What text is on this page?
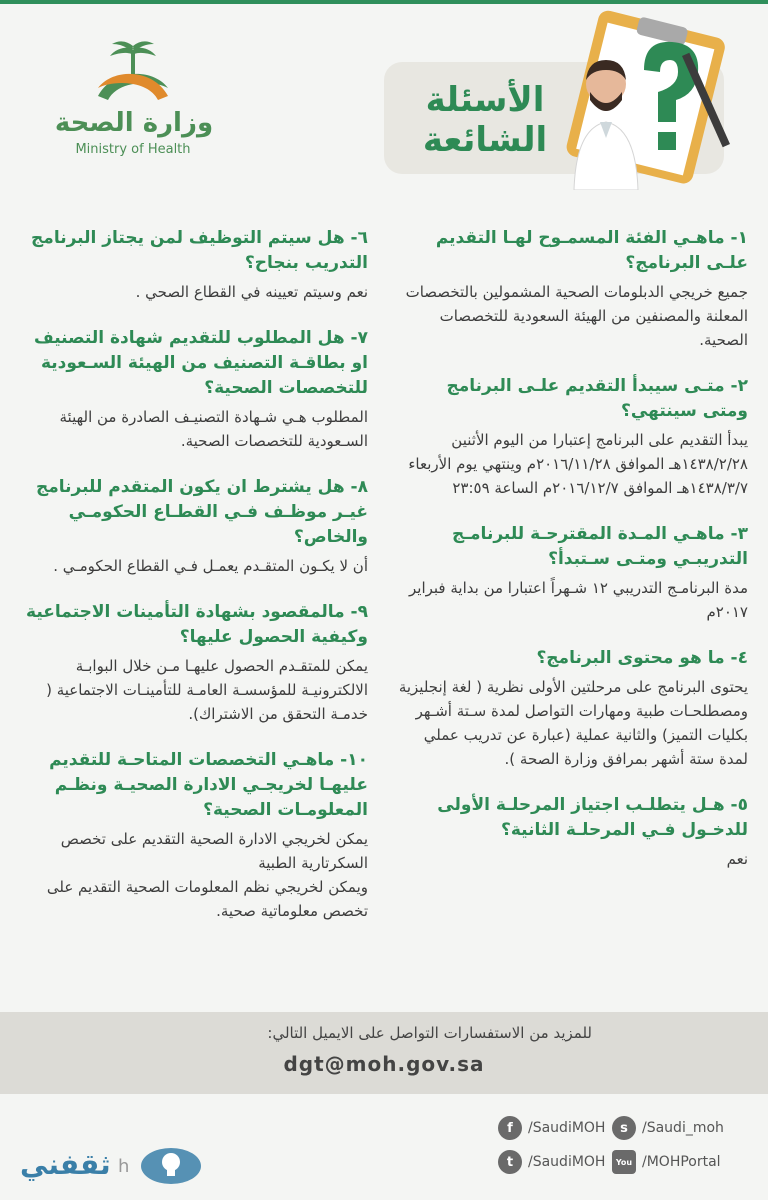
وزارة الصحة
Ministry of Health
الأسئلة
الشائعة

١- ماهـي الفئة المسمـوح لهـا التقديم علـى البرنامج؟

جميع خريجي الدبلومات الصحية المشمولين بالتخصصات المعلنة والمصنفين من الهيئة السعودية للتخصصات الصحية.

٢- متـى سيبدأ التقديم علـى البرنامج ومتى سينتهي؟

يبدأ التقديم على البرنامج إعتبارا من اليوم الأثنين ١٤٣٨/٢/٢٨هـ الموافق ٢٠١٦/١١/٢٨م وينتهي يوم الأربعاء ١٤٣٨/٣/٧هـ الموافق ٢٠١٦/١٢/٧م الساعة ٢٣:٥٩

٣- ماهـي المـدة المقترحـة للبرنامـج التدريبـي ومتـى سـتبدأ؟

مدة البرنامـج التدريبي ١٢ شـهراً اعتبارا من بداية فبراير ٢٠١٧م

٤- ما هو محتوى البرنامج؟

يحتوى البرنامج على مرحلتين الأولى نظرية ( لغة إنجليزية ومصطلحـات طبية ومهارات التواصل لمدة سـتة أشـهر بكليات التميز) والثانية عملية (عبارة عن تدريب عملي لمدة ستة أشهر بمرافق وزارة الصحة ).

٥- هـل يتطلـب اجتياز المرحلـة الأولى للدخـول فـي المرحلـة الثانية؟

نعم

٦- هل سيتم التوظيف لمن يجتاز البرنامج التدريب بنجاح؟

نعم وسيتم تعيينه في القطاع الصحي .

٧- هل المطلوب للتقديم شهادة التصنيف او بطاقـة التصنيف من الهيئة السـعودية للتخصصات الصحية؟

المطلوب هـي شـهادة التصنيـف الصادرة من الهيئة السـعودية للتخصصات الصحية.

٨- هل يشترط ان يكون المتقدم للبرنامج غيـر موظـف فـي القطـاع الحكومـي والخاص؟

أن لا يكـون المتقـدم يعمـل فـي القطاع الحكومـي .

٩- مالمقصود بشهادة التأمينات الاجتماعية وكيفية الحصول عليها؟

يمكن للمتقـدم الحصول عليهـا مـن خلال البوابـة الالكترونيـة للمؤسسـة العامـة للتأمينـات الاجتماعية ( خدمـة التحقق من الاشتراك).

١٠- ماهـي التخصصات المتاحـة للتقديم عليهـا لخريجـي الادارة الصحيـة ونظـم المعلومـات الصحية؟

يمكن لخريجي الادارة الصحية التقديم على تخصص السكرتارية الطبية

ويمكن لخريجي نظم المعلومات الصحية التقديم على تخصص معلوماتية صحية.

للمزيد من الاستفسارات التواصل على الايميل التالي:
dgt@moh.gov.sa
f	/SaudiMOH	s	/Saudi_moh
t	/SaudiMOH	You /MOHPortal
ثقفني h
